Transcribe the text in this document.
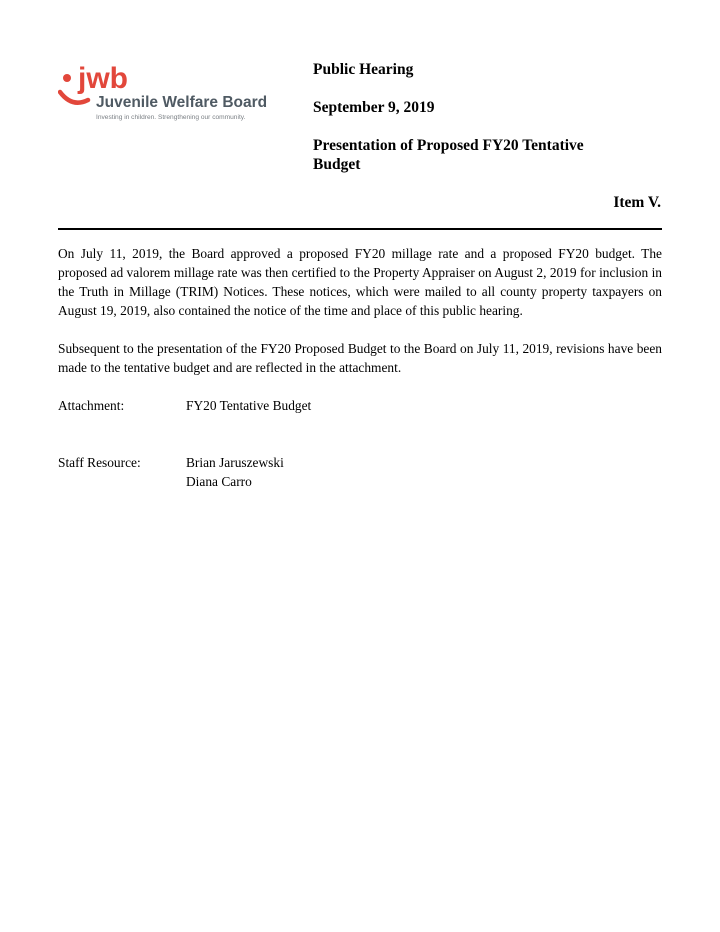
jwb
Juvenile Welfare Board
Investing in children. Strengthening our community.
Public Hearing
September 9, 2019
Presentation of Proposed FY20 Tentative Budget
Item V.

On July 11, 2019, the Board approved a proposed FY20 millage rate and a proposed FY20 budget. The proposed ad valorem millage rate was then certified to the Property Appraiser on August 2, 2019 for inclusion in the Truth in Millage (TRIM) Notices. These notices, which were mailed to all county property taxpayers on August 19, 2019, also contained the notice of the time and place of this public hearing.

Subsequent to the presentation of the FY20 Proposed Budget to the Board on July 11, 2019, revisions have been made to the tentative budget and are reflected in the attachment.

Attachment:	FY20 Tentative Budget
Staff Resource:	Brian Jaruszewski
Diana Carro
